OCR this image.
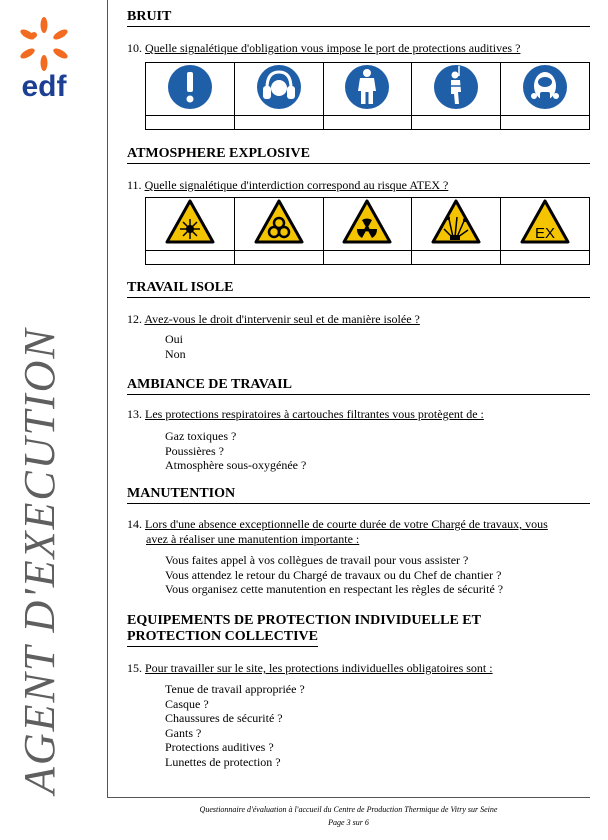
edf
AGENT D'EXECUTION
BRUIT
10. Quelle signalétique d'obligation vous impose le port de protections auditives ?

ATMOSPHERE EXPLOSIVE
11. Quelle signalétique d'interdiction correspond au risque ATEX ?

EX

TRAVAIL ISOLE
12. Avez-vous le droit d'intervenir seul et de manière isolée ?
Oui
Non
AMBIANCE DE TRAVAIL
13. Les protections respiratoires à cartouches filtrantes vous protègent de :
Gaz toxiques ?
Poussières ?
Atmosphère sous-oxygénée ?
MANUTENTION
14. Lors d'une absence exceptionnelle de courte durée de votre Chargé de travaux, vous
avez à réaliser une manutention importante :
Vous faites appel à vos collègues de travail pour vous assister ?
Vous attendez le retour du Chargé de travaux ou du Chef de chantier ?
Vous organisez cette manutention en respectant les règles de sécurité ?
EQUIPEMENTS DE PROTECTION INDIVIDUELLE ET
PROTECTION COLLECTIVE
15. Pour travailler sur le site, les protections individuelles obligatoires sont :
Tenue de travail appropriée ?
Casque ?
Chaussures de sécurité ?
Gants ?
Protections auditives ?
Lunettes de protection ?
Questionnaire d'évaluation à l'accueil du Centre de Production Thermique de Vitry sur Seine
Page 3 sur 6
